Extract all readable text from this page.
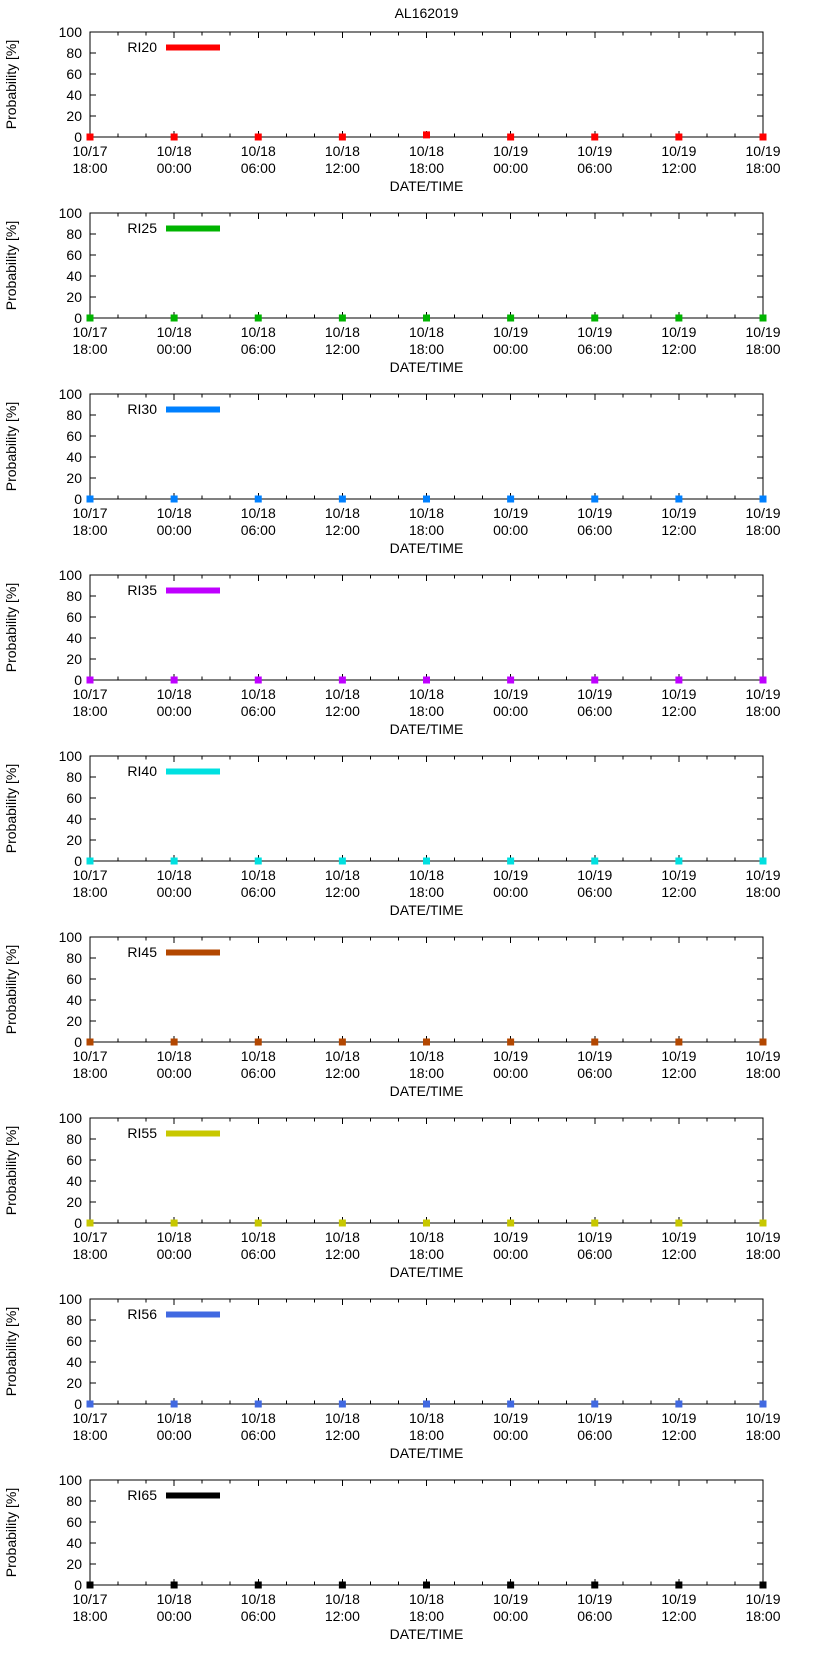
AL162019
0
20
40
60
80
100
10/17
18:00
10/18
00:00
10/18
06:00
10/18
12:00
10/18
18:00
10/19
00:00
10/19
06:00
10/19
12:00
10/19
18:00
Probability [%]
DATE/TIME
RI20
0
20
40
60
80
100
10/17
18:00
10/18
00:00
10/18
06:00
10/18
12:00
10/18
18:00
10/19
00:00
10/19
06:00
10/19
12:00
10/19
18:00
Probability [%]
DATE/TIME
RI25
0
20
40
60
80
100
10/17
18:00
10/18
00:00
10/18
06:00
10/18
12:00
10/18
18:00
10/19
00:00
10/19
06:00
10/19
12:00
10/19
18:00
Probability [%]
DATE/TIME
RI30
0
20
40
60
80
100
10/17
18:00
10/18
00:00
10/18
06:00
10/18
12:00
10/18
18:00
10/19
00:00
10/19
06:00
10/19
12:00
10/19
18:00
Probability [%]
DATE/TIME
RI35
0
20
40
60
80
100
10/17
18:00
10/18
00:00
10/18
06:00
10/18
12:00
10/18
18:00
10/19
00:00
10/19
06:00
10/19
12:00
10/19
18:00
Probability [%]
DATE/TIME
RI40
0
20
40
60
80
100
10/17
18:00
10/18
00:00
10/18
06:00
10/18
12:00
10/18
18:00
10/19
00:00
10/19
06:00
10/19
12:00
10/19
18:00
Probability [%]
DATE/TIME
RI45
0
20
40
60
80
100
10/17
18:00
10/18
00:00
10/18
06:00
10/18
12:00
10/18
18:00
10/19
00:00
10/19
06:00
10/19
12:00
10/19
18:00
Probability [%]
DATE/TIME
RI55
0
20
40
60
80
100
10/17
18:00
10/18
00:00
10/18
06:00
10/18
12:00
10/18
18:00
10/19
00:00
10/19
06:00
10/19
12:00
10/19
18:00
Probability [%]
DATE/TIME
RI56
0
20
40
60
80
100
10/17
18:00
10/18
00:00
10/18
06:00
10/18
12:00
10/18
18:00
10/19
00:00
10/19
06:00
10/19
12:00
10/19
18:00
Probability [%]
DATE/TIME
RI65
